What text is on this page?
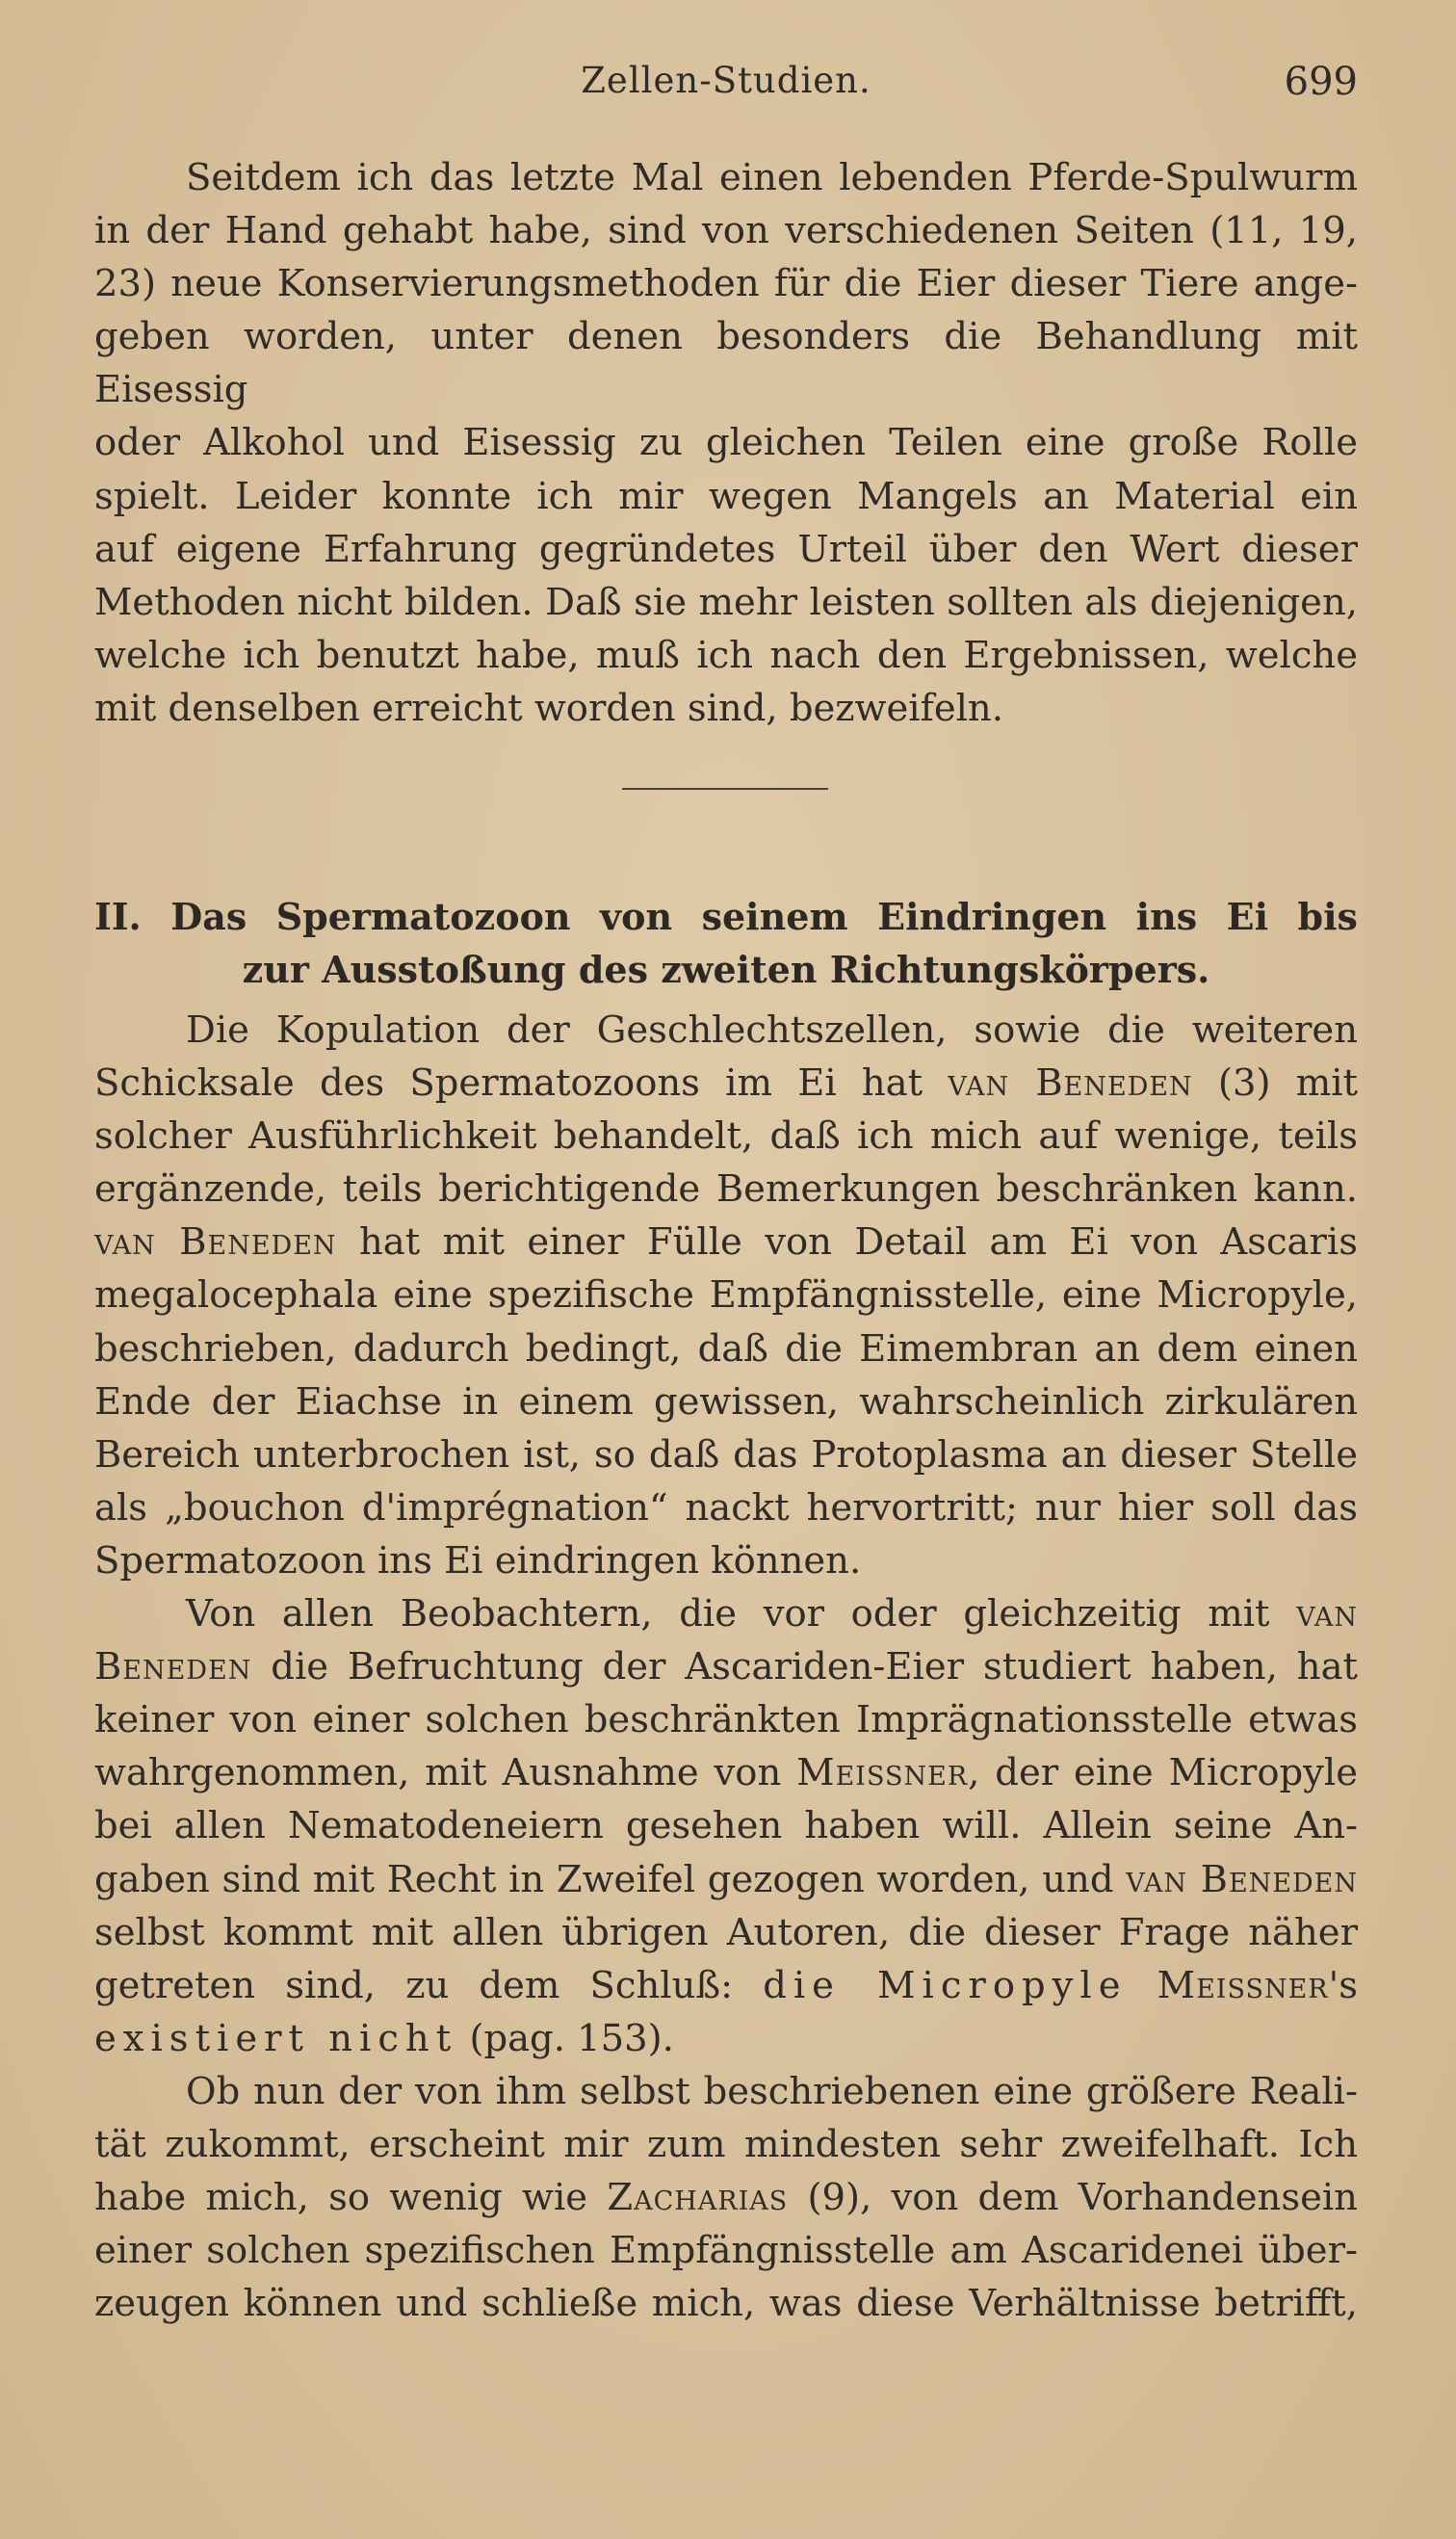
Zellen-Studien.	699
Seitdem ich das letzte Mal einen lebenden Pferde-Spulwurm
in der Hand gehabt habe, sind von verschiedenen Seiten (11, 19,
23) neue Konservierungsmethoden für die Eier dieser Tiere ange-
geben worden, unter denen besonders die Behandlung mit Eisessig
oder Alkohol und Eisessig zu gleichen Teilen eine große Rolle
spielt. Leider konnte ich mir wegen Mangels an Material ein
auf eigene Erfahrung gegründetes Urteil über den Wert dieser
Methoden nicht bilden. Daß sie mehr leisten sollten als diejenigen,
welche ich benutzt habe, muß ich nach den Ergebnissen, welche
mit denselben erreicht worden sind, bezweifeln.
II. Das Spermatozoon von seinem Eindringen ins Ei bis
zur Ausstoßung des zweiten Richtungskörpers.
Die Kopulation der Geschlechtszellen, sowie die weiteren
Schicksale des Spermatozoons im Ei hat van Beneden (3) mit
solcher Ausführlichkeit behandelt, daß ich mich auf wenige, teils
ergänzende, teils berichtigende Bemerkungen beschränken kann.
van Beneden hat mit einer Fülle von Detail am Ei von Ascaris
megalocephala eine spezifische Empfängnisstelle, eine Micropyle,
beschrieben, dadurch bedingt, daß die Eimembran an dem einen
Ende der Eiachse in einem gewissen, wahrscheinlich zirkulären
Bereich unterbrochen ist, so daß das Protoplasma an dieser Stelle
als „bouchon d'imprégnation“ nackt hervortritt; nur hier soll das
Spermatozoon ins Ei eindringen können.
Von allen Beobachtern, die vor oder gleichzeitig mit van
Beneden die Befruchtung der Ascariden-Eier studiert haben, hat
keiner von einer solchen beschränkten Imprägnationsstelle etwas
wahrgenommen, mit Ausnahme von Meissner, der eine Micropyle
bei allen Nematodeneiern gesehen haben will. Allein seine An-
gaben sind mit Recht in Zweifel gezogen worden, und van Beneden
selbst kommt mit allen übrigen Autoren, die dieser Frage näher
getreten sind, zu dem Schluß: die Micropyle Meissner's
existiert nicht (pag. 153).
Ob nun der von ihm selbst beschriebenen eine größere Reali-
tät zukommt, erscheint mir zum mindesten sehr zweifelhaft. Ich
habe mich, so wenig wie Zacharias (9), von dem Vorhandensein
einer solchen spezifischen Empfängnisstelle am Ascaridenei über-
zeugen können und schließe mich, was diese Verhältnisse betrifft,
